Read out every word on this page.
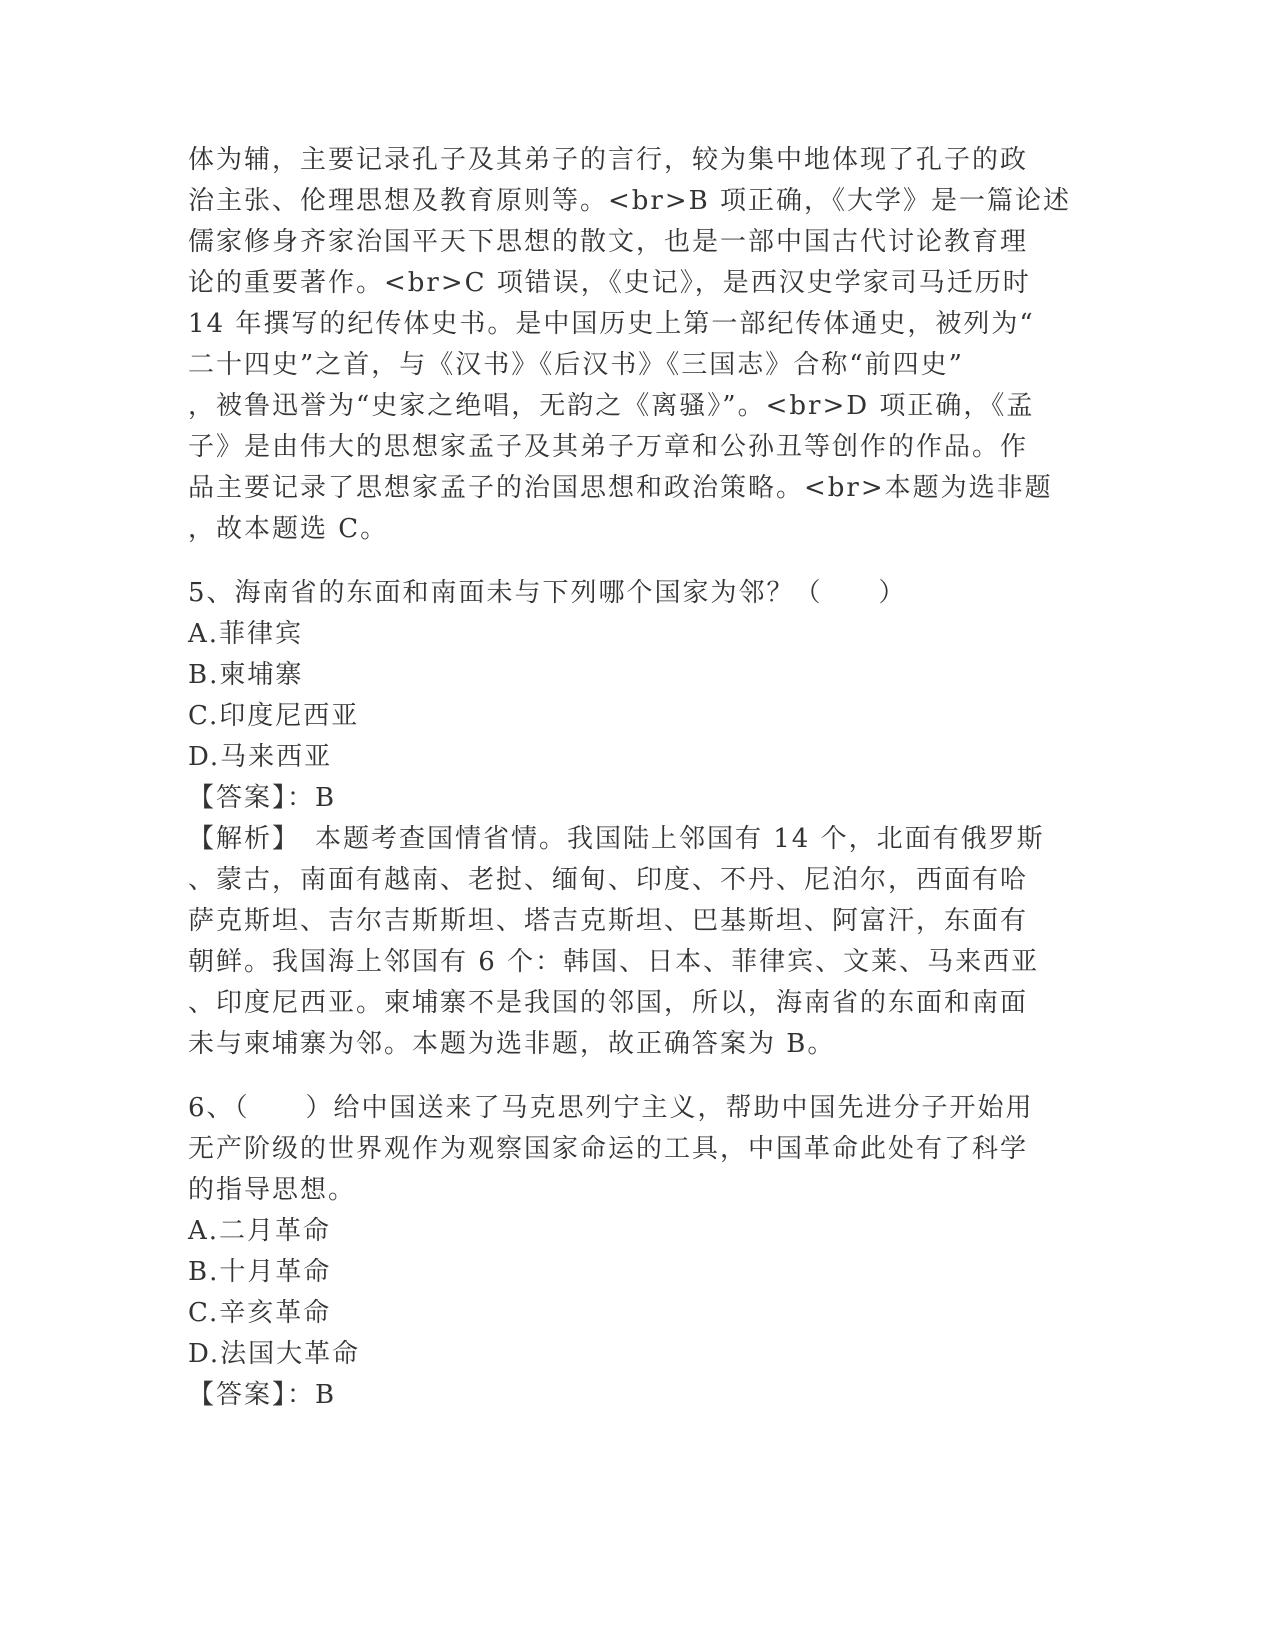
体为辅，主要记录孔子及其弟子的言行，较为集中地体现了孔子的政
治主张、伦理思想及教育原则等。<br>B 项正确，《大学》是一篇论述
儒家修身齐家治国平天下思想的散文，也是一部中国古代讨论教育理
论的重要著作。<br>C 项错误，《史记》，是西汉史学家司马迁历时
14 年撰写的纪传体史书。是中国历史上第一部纪传体通史，被列为“
二十四史”之首，与《汉书》《后汉书》《三国志》合称“前四史”
，被鲁迅誉为“史家之绝唱，无韵之《离骚》”。<br>D 项正确，《孟
子》是由伟大的思想家孟子及其弟子万章和公孙丑等创作的作品。作
品主要记录了思想家孟子的治国思想和政治策略。<br>本题为选非题
，故本题选 C。
5、海南省的东面和南面未与下列哪个国家为邻？（　　）
A.菲律宾
B.柬埔寨
C.印度尼西亚
D.马来西亚
【答案】：B
【解析】　本题考查国情省情。我国陆上邻国有 14 个，北面有俄罗斯
、蒙古，南面有越南、老挝、缅甸、印度、不丹、尼泊尔，西面有哈
萨克斯坦、吉尔吉斯斯坦、塔吉克斯坦、巴基斯坦、阿富汗，东面有
朝鲜。我国海上邻国有 6 个：韩国、日本、菲律宾、文莱、马来西亚
、印度尼西亚。柬埔寨不是我国的邻国，所以，海南省的东面和南面
未与柬埔寨为邻。本题为选非题，故正确答案为 B。
6、（　　）给中国送来了马克思列宁主义，帮助中国先进分子开始用
无产阶级的世界观作为观察国家命运的工具，中国革命此处有了科学
的指导思想。
A.二月革命
B.十月革命
C.辛亥革命
D.法国大革命
【答案】：B
